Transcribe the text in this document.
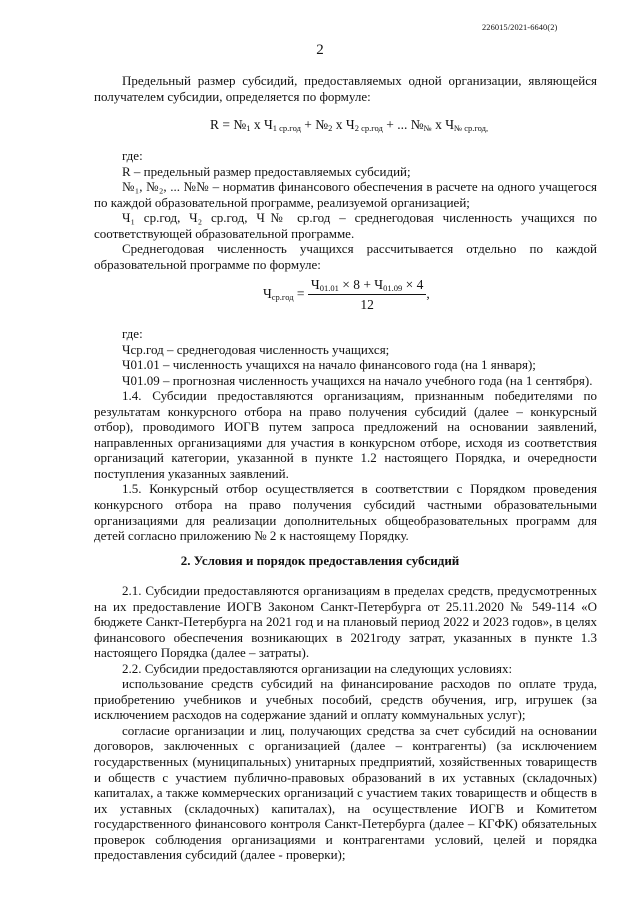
226015/2021-6640(2)
2

Предельный размер субсидий, предоставляемых одной организации, являющейся получателем субсидии, определяется по формуле:

$R = №_1$ x $Ч_{1 ср.год}$ + $№_2$ x $Ч_{2 ср.год}$ + ... $№_№$ x $Ч_{№ ср.год,}$

где:

R – предельный размер предоставляемых субсидий;

№₁, №₂, ... №№ – норматив финансового обеспечения в расчете на одного учащегося по каждой образовательной программе, реализуемой организацией;

Ч₁ ср.год, Ч₂ ср.год, Ч№ ср.год – среднегодовая численность учащихся по соответствующей образовательной программе.

Среднегодовая численность учащихся рассчитывается отдельно по каждой образовательной программе по формуле:

$Ч_{ср.год} = \frac{Ч_{01.01} \times 8 + Ч_{01.09} \times 4}{12}$ ,

где:

Чср.год – среднегодовая численность учащихся;

Ч01.01 – численность учащихся на начало финансового года (на 1 января);

Ч01.09 – прогнозная численность учащихся на начало учебного года (на 1 сентября).

1.4. Субсидии предоставляются организациям, признанным победителями по результатам конкурсного отбора на право получения субсидий (далее – конкурсный отбор), проводимого ИОГВ путем запроса предложений на основании заявлений, направленных организациями для участия в конкурсном отборе, исходя из соответствия организаций категории, указанной в пункте 1.2 настоящего Порядка, и очередности поступления указанных заявлений.

1.5. Конкурсный отбор осуществляется в соответствии с Порядком проведения конкурсного отбора на право получения субсидий частными образовательными организациями для реализации дополнительных общеобразовательных программ для детей согласно приложению № 2 к настоящему Порядку.

2. Условия и порядок предоставления субсидий

2.1. Субсидии предоставляются организациям в пределах средств, предусмотренных на их предоставление ИОГВ Законом Санкт-Петербурга от 25.11.2020 № 549-114 «О бюджете Санкт-Петербурга на 2021 год и на плановый период 2022 и 2023 годов», в целях финансового обеспечения возникающих в 2021году затрат, указанных в пункте 1.3 настоящего Порядка (далее – затраты).

2.2. Субсидии предоставляются организации на следующих условиях:

использование средств субсидий на финансирование расходов по оплате труда, приобретению учебников и учебных пособий, средств обучения, игр, игрушек (за исключением расходов на содержание зданий и оплату коммунальных услуг);

согласие организации и лиц, получающих средства за счет субсидий на основании договоров, заключенных с организацией (далее – контрагенты) (за исключением государственных (муниципальных) унитарных предприятий, хозяйственных товариществ и обществ с участием публично-правовых образований в их уставных (складочных) капиталах, а также коммерческих организаций с участием таких товариществ и обществ в их уставных (складочных) капиталах), на осуществление ИОГВ и Комитетом государственного финансового контроля Санкт-Петербурга (далее – КГФК) обязательных проверок соблюдения организациями и контрагентами условий, целей и порядка предоставления субсидий (далее - проверки);
